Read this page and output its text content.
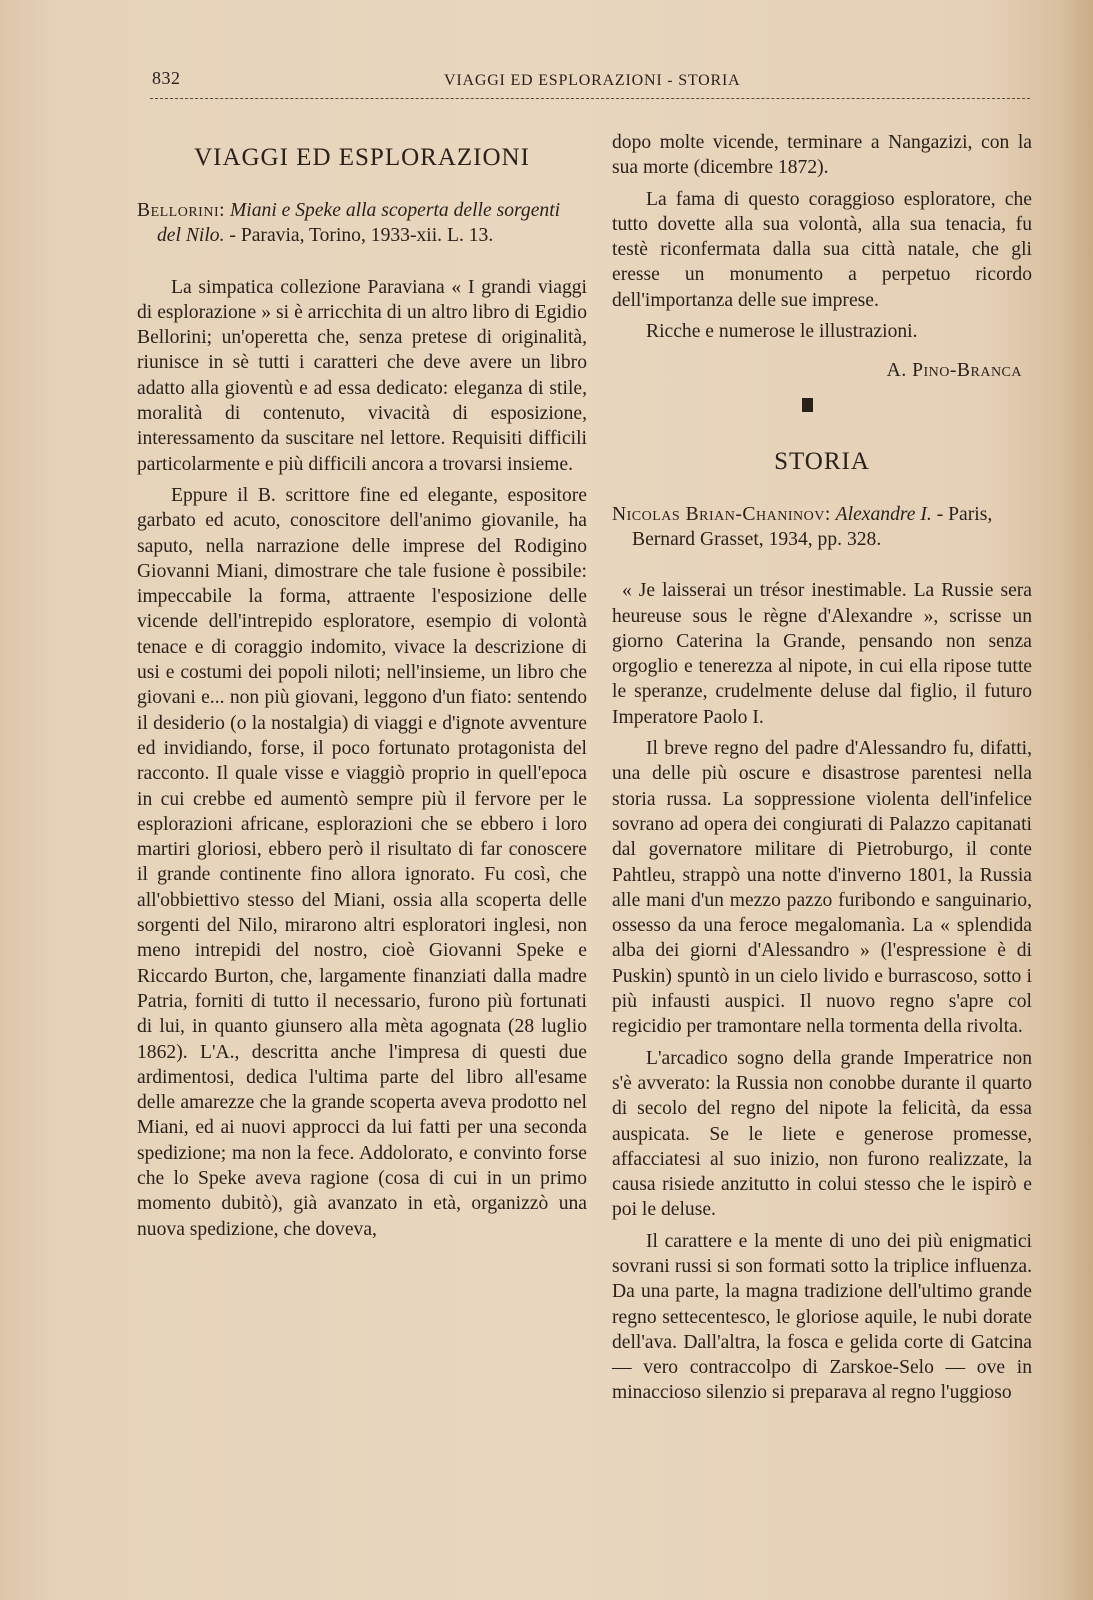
832	VIAGGI ED ESPLORAZIONI - STORIA
VIAGGI ED ESPLORAZIONI
Bellorini: Miani e Speke alla scoperta delle sorgenti del Nilo. - Paravia, Torino, 1933-xii. L. 13.

La simpatica collezione Paraviana « I grandi viaggi di esplorazione » si è arricchita di un altro libro di Egidio Bellorini; un'operetta che, senza pretese di originalità, riunisce in sè tutti i caratteri che deve avere un libro adatto alla gioventù e ad essa dedicato: eleganza di stile, moralità di contenuto, vivacità di esposizione, interessamento da suscitare nel lettore. Requisiti difficili particolarmente e più difficili ancora a trovarsi insieme.

Eppure il B. scrittore fine ed elegante, espositore garbato ed acuto, conoscitore dell'animo giovanile, ha saputo, nella narrazione delle imprese del Rodigino Giovanni Miani, dimostrare che tale fusione è possibile: impeccabile la forma, attraente l'esposizione delle vicende dell'intrepido esploratore, esempio di volontà tenace e di coraggio indomito, vivace la descrizione di usi e costumi dei popoli niloti; nell'insieme, un libro che giovani e... non più giovani, leggono d'un fiato: sentendo il desiderio (o la nostalgia) di viaggi e d'ignote avventure ed invidiando, forse, il poco fortunato protagonista del racconto. Il quale visse e viaggiò proprio in quell'epoca in cui crebbe ed aumentò sempre più il fervore per le esplorazioni africane, esplorazioni che se ebbero i loro martiri gloriosi, ebbero però il risultato di far conoscere il grande continente fino allora ignorato. Fu così, che all'obbiettivo stesso del Miani, ossia alla scoperta delle sorgenti del Nilo, mirarono altri esploratori inglesi, non meno intrepidi del nostro, cioè Giovanni Speke e Riccardo Burton, che, largamente finanziati dalla madre Patria, forniti di tutto il necessario, furono più fortunati di lui, in quanto giunsero alla mèta agognata (28 luglio 1862). L'A., descritta anche l'impresa di questi due ardimentosi, dedica l'ultima parte del libro all'esame delle amarezze che la grande scoperta aveva prodotto nel Miani, ed ai nuovi approcci da lui fatti per una seconda spedizione; ma non la fece. Addolorato, e convinto forse che lo Speke aveva ragione (cosa di cui in un primo momento dubitò), già avanzato in età, organizzò una nuova spedizione, che doveva,

dopo molte vicende, terminare a Nangazizi, con la sua morte (dicembre 1872).

La fama di questo coraggioso esploratore, che tutto dovette alla sua volontà, alla sua tenacia, fu testè riconfermata dalla sua città natale, che gli eresse un monumento a perpetuo ricordo dell'importanza delle sue imprese.

Ricche e numerose le illustrazioni.

A. Pino-Branca
STORIA
Nicolas Brian-Chaninov: Alexandre I. - Paris, Bernard Grasset, 1934, pp. 328.

« Je laisserai un trésor inestimable. La Russie sera heureuse sous le règne d'Alexandre », scrisse un giorno Caterina la Grande, pensando non senza orgoglio e tenerezza al nipote, in cui ella ripose tutte le speranze, crudelmente deluse dal figlio, il futuro Imperatore Paolo I.

Il breve regno del padre d'Alessandro fu, difatti, una delle più oscure e disastrose parentesi nella storia russa. La soppressione violenta dell'infelice sovrano ad opera dei congiurati di Palazzo capitanati dal governatore militare di Pietroburgo, il conte Pahtleu, strappò una notte d'inverno 1801, la Russia alle mani d'un mezzo pazzo furibondo e sanguinario, ossesso da una feroce megalomanìa. La « splendida alba dei giorni d'Alessandro » (l'espressione è di Puskin) spuntò in un cielo livido e burrascoso, sotto i più infausti auspici. Il nuovo regno s'apre col regicidio per tramontare nella tormenta della rivolta.

L'arcadico sogno della grande Imperatrice non s'è avverato: la Russia non conobbe durante il quarto di secolo del regno del nipote la felicità, da essa auspicata. Se le liete e generose promesse, affacciatesi al suo inizio, non furono realizzate, la causa risiede anzitutto in colui stesso che le ispirò e poi le deluse.

Il carattere e la mente di uno dei più enigmatici sovrani russi si son formati sotto la triplice influenza. Da una parte, la magna tradizione dell'ultimo grande regno settecentesco, le gloriose aquile, le nubi dorate dell'ava. Dall'altra, la fosca e gelida corte di Gatcina — vero contraccolpo di Zarskoe-Selo — ove in minaccioso silenzio si preparava al regno l'uggioso
